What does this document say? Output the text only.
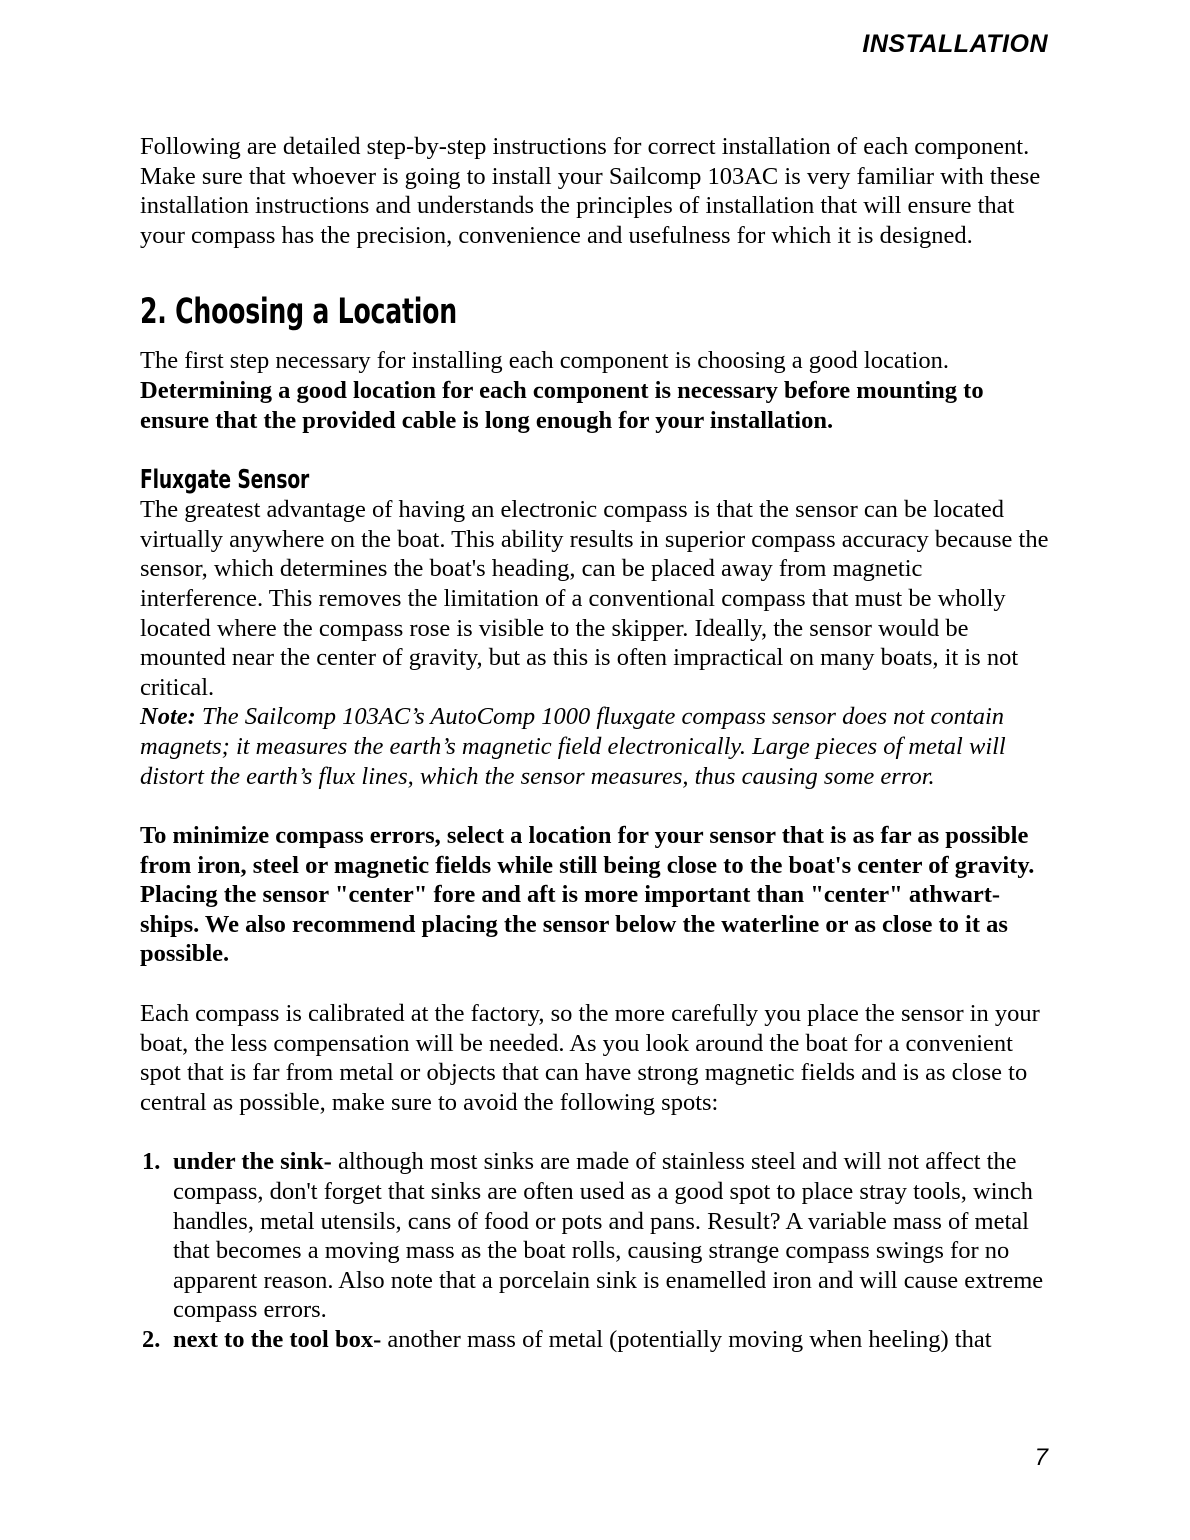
INSTALLATION

Following are detailed step-by-step instructions for correct installation of each component. Make sure that whoever is going to install your Sailcomp 103AC is very familiar with these installation instructions and understands the principles of installation that will ensure that your compass has the precision, convenience and usefulness for which it is designed.

2. Choosing a Location

The first step necessary for installing each component is choosing a good location. Determining a good location for each component is necessary before mounting to ensure that the provided cable is long enough for your installation.

Fluxgate Sensor

The greatest advantage of having an electronic compass is that the sensor can be located virtually anywhere on the boat. This ability results in superior compass accuracy because the sensor, which determines the boat's heading, can be placed away from magnetic interference. This removes the limitation of a conventional compass that must be wholly located where the compass rose is visible to the skipper. Ideally, the sensor would be mounted near the center of gravity, but as this is often impractical on many boats, it is not critical.

Note: The Sailcomp 103AC’s AutoComp 1000 fluxgate compass sensor does not contain magnets; it measures the earth’s magnetic field electronically. Large pieces of metal will distort the earth’s flux lines, which the sensor measures, thus causing some error.

To minimize compass errors, select a location for your sensor that is as far as possible from iron, steel or magnetic fields while still being close to the boat's center of gravity. Placing the sensor "center" fore and aft is more important than "center" athwart-ships. We also recommend placing the sensor below the waterline or as close to it as possible.

Each compass is calibrated at the factory, so the more carefully you place the sensor in your boat, the less compensation will be needed. As you look around the boat for a convenient spot that is far from metal or objects that can have strong magnetic fields and is as close to central as possible, make sure to avoid the following spots:

1. under the sink- although most sinks are made of stainless steel and will not affect the compass, don't forget that sinks are often used as a good spot to place stray tools, winch handles, metal utensils, cans of food or pots and pans. Result? A variable mass of metal that becomes a moving mass as the boat rolls, causing strange compass swings for no apparent reason. Also note that a porcelain sink is enamelled iron and will cause extreme compass errors.
2. next to the tool box- another mass of metal (potentially moving when heeling) that
7
